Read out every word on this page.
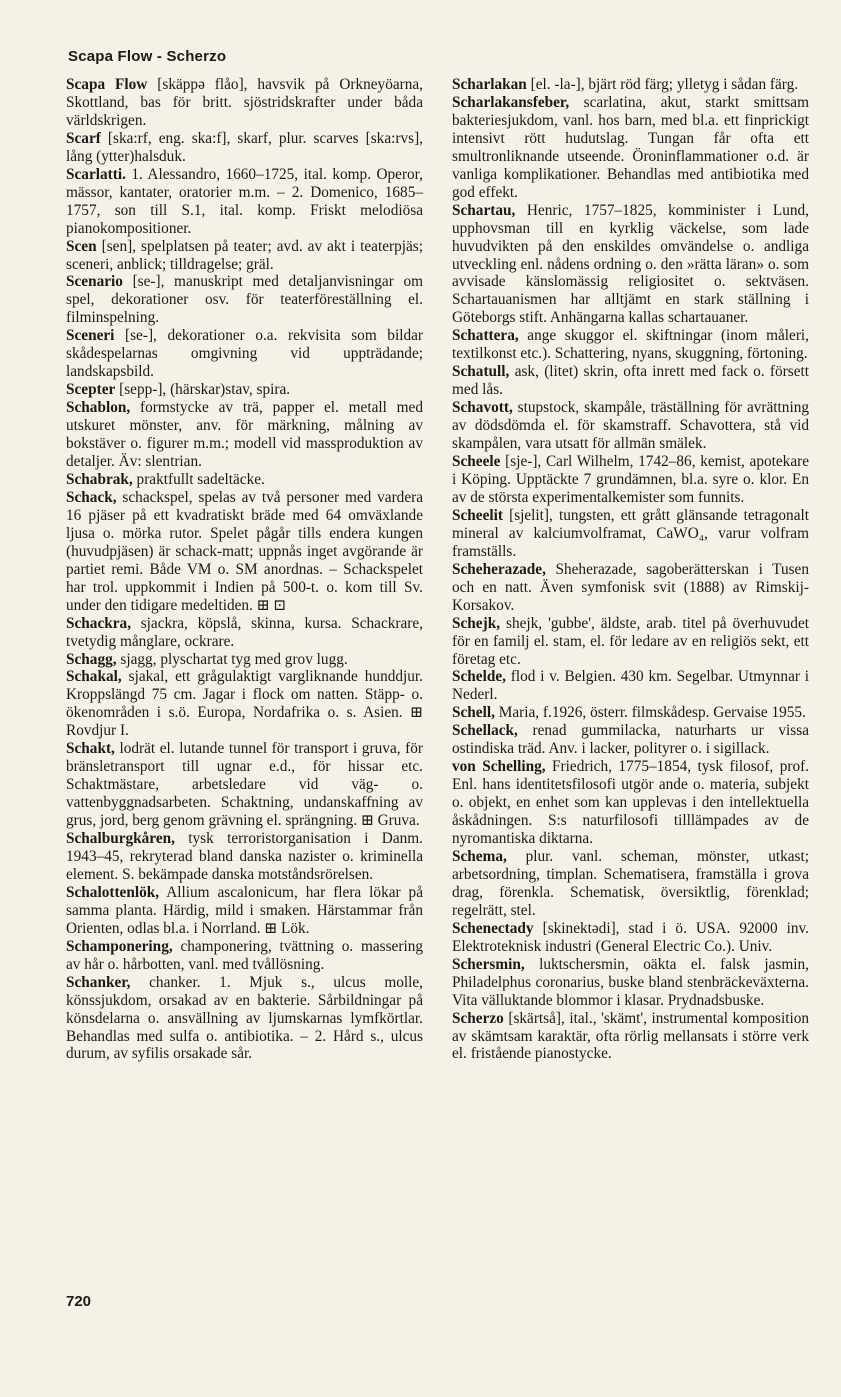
Scapa Flow - Scherzo

Scapa Flow [skäppə flåo], havsvik på Orkneyöarna, Skottland, bas för britt. sjöstridskrafter under båda världskrigen.

Scarf [ska:rf, eng. ska:f], skarf, plur. scarves [ska:rvs], lång (ytter)halsduk.

Scarlatti. 1. Alessandro, 1660–1725, ital. komp. Operor, mässor, kantater, oratorier m.m. – 2. Domenico, 1685–1757, son till S.1, ital. komp. Friskt melodiösa pianokompositioner.

Scen [sen], spelplatsen på teater; avd. av akt i teaterpjäs; sceneri, anblick; tilldragelse; gräl.

Scenario [se-], manuskript med detaljanvisningar om spel, dekorationer osv. för teaterföreställning el. filminspelning.

Sceneri [se-], dekorationer o.a. rekvisita som bildar skådespelarnas omgivning vid uppträdande; landskapsbild.

Scepter [sepp-], (härskar)stav, spira.

Schablon, formstycke av trä, papper el. metall med utskuret mönster, anv. för märkning, målning av bokstäver o. figurer m.m.; modell vid massproduktion av detaljer. Äv: slentrian.

Schabrak, praktfullt sadeltäcke.

Schack, schackspel, spelas av två personer med vardera 16 pjäser på ett kvadratiskt bräde med 64 omväxlande ljusa o. mörka rutor. Spelet pågår tills endera kungen (huvudpjäsen) är schack-matt; uppnås inget avgörande är partiet remi. Både VM o. SM anordnas. – Schackspelet har trol. uppkommit i Indien på 500-t. o. kom till Sv. under den tidigare medeltiden. ⊞ ⊡

Schackra, sjackra, köpslå, skinna, kursa. Schackrare, tvetydig månglare, ockrare.

Schagg, sjagg, plyschartat tyg med grov lugg.

Schakal, sjakal, ett grågulaktigt vargliknande hunddjur. Kroppslängd 75 cm. Jagar i flock om natten. Stäpp- o. ökenområden i s.ö. Europa, Nordafrika o. s. Asien. ⊞ Rovdjur I.

Schakt, lodrät el. lutande tunnel för transport i gruva, för bränsletransport till ugnar e.d., för hissar etc. Schaktmästare, arbetsledare vid väg- o. vattenbyggnadsarbeten. Schaktning, undanskaffning av grus, jord, berg genom grävning el. sprängning. ⊞ Gruva.

Schalburgkåren, tysk terroristorganisation i Danm. 1943–45, rekryterad bland danska nazister o. kriminella element. S. bekämpade danska motståndsrörelsen.

Schalottenlök, Allium ascalonicum, har flera lökar på samma planta. Härdig, mild i smaken. Härstammar från Orienten, odlas bl.a. i Norrland. ⊞ Lök.

Schamponering, champonering, tvättning o. massering av hår o. hårbotten, vanl. med tvållösning.

Schanker, chanker. 1. Mjuk s., ulcus molle, könssjukdom, orsakad av en bakterie. Sårbildningar på könsdelarna o. ansvällning av ljumskarnas lymfkörtlar. Behandlas med sulfa o. antibiotika. – 2. Hård s., ulcus durum, av syfilis orsakade sår.

Scharlakan [el. -la-], bjärt röd färg; ylletyg i sådan färg.

Scharlakansfeber, scarlatina, akut, starkt smittsam bakteriesjukdom, vanl. hos barn, med bl.a. ett finprickigt intensivt rött hudutslag. Tungan får ofta ett smultronliknande utseende. Öroninflammationer o.d. är vanliga komplikationer. Behandlas med antibiotika med god effekt.

Schartau, Henric, 1757–1825, komminister i Lund, upphovsman till en kyrklig väckelse, som lade huvudvikten på den enskildes omvändelse o. andliga utveckling enl. nådens ordning o. den »rätta läran» o. som avvisade känslomässig religiositet o. sektväsen. Schartauanismen har alltjämt en stark ställning i Göteborgs stift. Anhängarna kallas schartauaner.

Schattera, ange skuggor el. skiftningar (inom måleri, textilkonst etc.). Schattering, nyans, skuggning, förtoning.

Schatull, ask, (litet) skrin, ofta inrett med fack o. försett med lås.

Schavott, stupstock, skampåle, träställning för avrättning av dödsdömda el. för skamstraff. Schavottera, stå vid skampålen, vara utsatt för allmän smälek.

Scheele [sje-], Carl Wilhelm, 1742–86, kemist, apotekare i Köping. Upptäckte 7 grundämnen, bl.a. syre o. klor. En av de största experimentalkemister som funnits.

Scheelit [sjelit], tungsten, ett grått glänsande tetragonalt mineral av kalciumvolframat, CaWO₄, varur volfram framställs.

Scheherazade, Sheherazade, sagoberätterskan i Tusen och en natt. Även symfonisk svit (1888) av Rimskij-Korsakov.

Schejk, shejk, 'gubbe', äldste, arab. titel på överhuvudet för en familj el. stam, el. för ledare av en religiös sekt, ett företag etc.

Schelde, flod i v. Belgien. 430 km. Segelbar. Utmynnar i Nederl.

Schell, Maria, f.1926, österr. filmskådesp. Gervaise 1955.

Schellack, renad gummilacka, naturharts ur vissa ostindiska träd. Anv. i lacker, polityrer o. i sigillack.

von Schelling, Friedrich, 1775–1854, tysk filosof, prof. Enl. hans identitetsfilosofi utgör ande o. materia, subjekt o. objekt, en enhet som kan upplevas i den intellektuella åskådningen. S:s naturfilosofi tilllämpades av de nyromantiska diktarna.

Schema, plur. vanl. scheman, mönster, utkast; arbetsordning, timplan. Schematisera, framställa i grova drag, förenkla. Schematisk, översiktlig, förenklad; regelrätt, stel.

Schenectady [skinektədi], stad i ö. USA. 92000 inv. Elektroteknisk industri (General Electric Co.). Univ.

Schersmin, luktschersmin, oäkta el. falsk jasmin, Philadelphus coronarius, buske bland stenbräckeväxterna. Vita välluktande blommor i klasar. Prydnadsbuske.

Scherzo [skärtså], ital., 'skämt', instrumental komposition av skämtsam karaktär, ofta rörlig mellansats i större verk el. fristående pianostycke.

720
